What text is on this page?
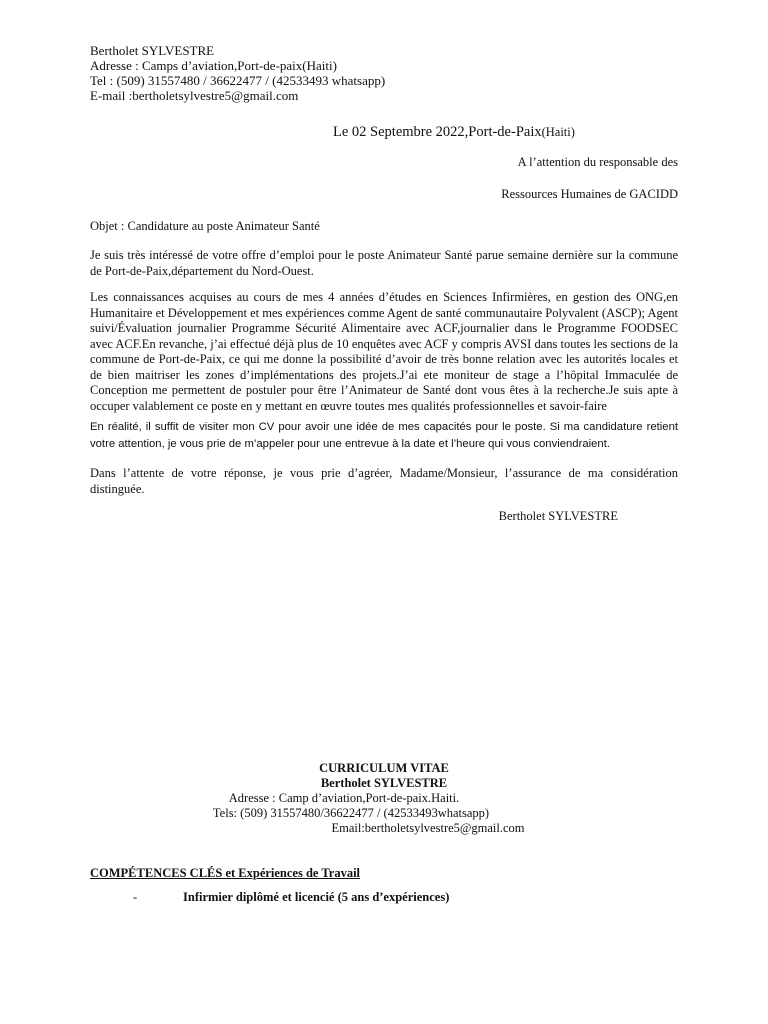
Bertholet SYLVESTRE
Adresse : Camps d’aviation,Port-de-paix(Haiti)
Tel : (509) 31557480 / 36622477 / (42533493 whatsapp)
E-mail :bertholetsylvestre5@gmail.com
Le 02 Septembre 2022,Port-de-Paix(Haiti)
A l’attention du responsable des
Ressources Humaines de GACIDD
Objet : Candidature au poste Animateur Santé

Je suis très intéressé de votre offre d’emploi pour le poste Animateur Santé parue semaine dernière sur la commune de Port-de-Paix,département du Nord-Ouest.

Les connaissances acquises au cours de mes 4 années d’études en Sciences Infirmières, en gestion des ONG,en Humanitaire et Développement et mes expériences comme Agent de santé communautaire Polyvalent (ASCP); Agent suivi/Évaluation journalier Programme Sécurité Alimentaire avec ACF,journalier dans le Programme FOODSEC avec ACF.En revanche, j’ai effectué déjà plus de 10 enquêtes avec ACF y compris AVSI dans toutes les sections de la commune de Port-de-Paix, ce qui me donne la possibilité d’avoir de très bonne relation avec les autorités locales et de bien maitriser les zones d’implémentations des projets.J’ai ete moniteur de stage a l’hôpital Immaculée de Conception me permettent de postuler pour être l’Animateur de Santé dont vous êtes à la recherche.Je suis apte à occuper valablement ce poste en y mettant en œuvre toutes mes qualités professionnelles et savoir-faire

En réalité, il suffit de visiter mon CV pour avoir une idée de mes capacités pour le poste. Si ma candidature retient votre attention, je vous prie de m’appeler pour une entrevue à la date et l’heure qui vous conviendraient.

Dans l’attente de votre réponse, je vous prie d’agréer, Madame/Monsieur, l’assurance de ma considération distinguée.

Bertholet SYLVESTRE
CURRICULUM VITAE
Bertholet SYLVESTRE
Adresse : Camp d’aviation,Port-de-paix.Haiti.
Tels: (509) 31557480/36622477 / (42533493whatsapp)
Email:bertholetsylvestre5@gmail.com
COMPÉTENCES CLÉS et Expériences de Travail
-	Infirmier diplômé et licencié (5 ans d’expériences)
